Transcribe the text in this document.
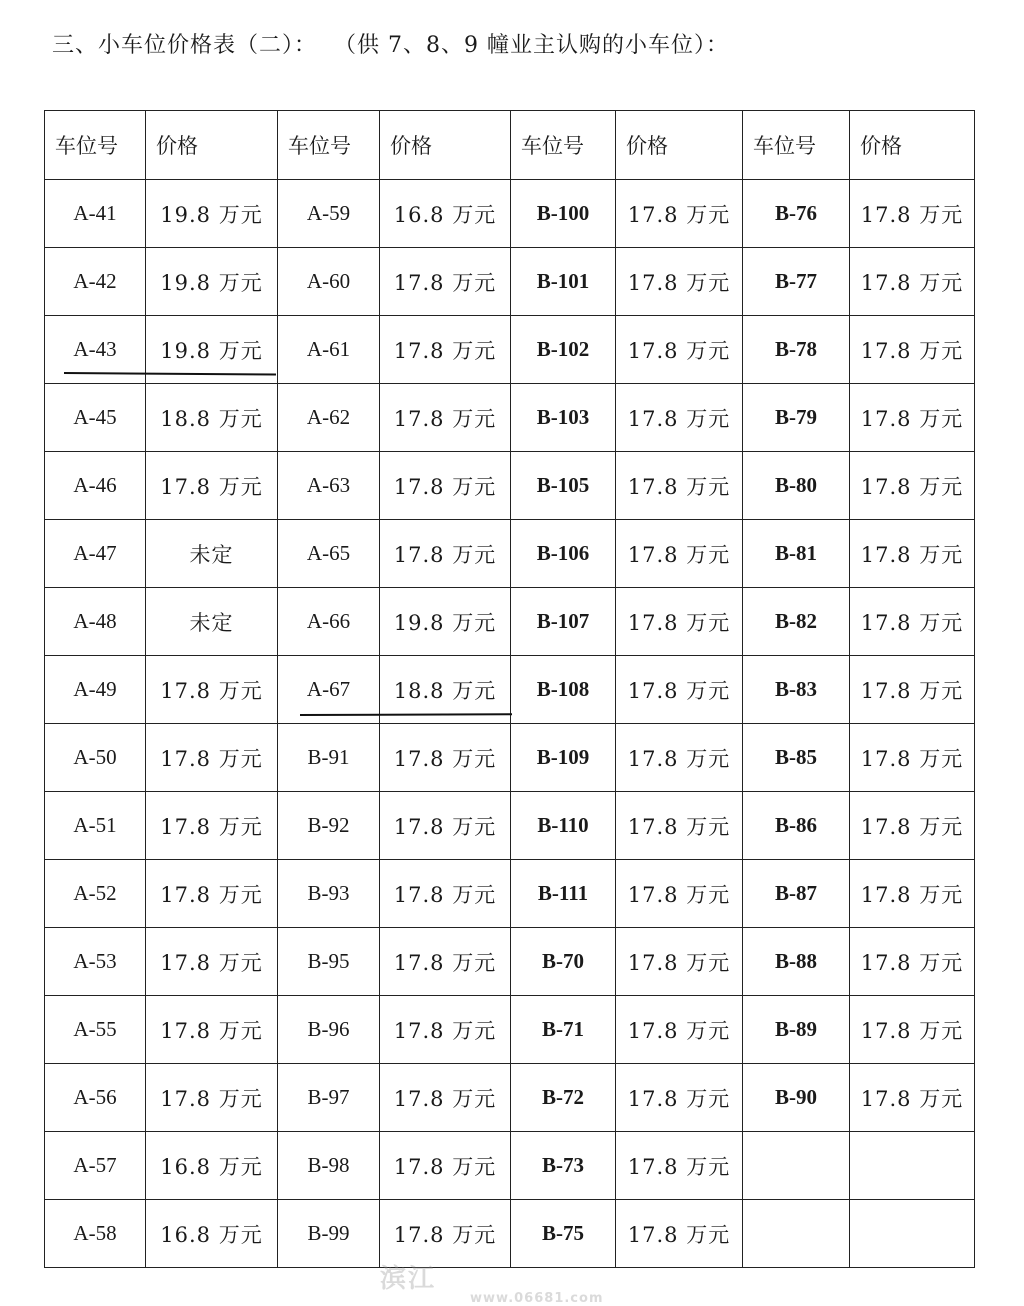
三、小车位价格表（二）： （供 7、8、9 幢业主认购的小车位）：
车位号	价格	车位号	价格	车位号	价格	车位号	价格
A-41	19.8 万元	A-59	16.8 万元	B-100	17.8 万元	B-76	17.8 万元
A-42	19.8 万元	A-60	17.8 万元	B-101	17.8 万元	B-77	17.8 万元
A-43	19.8 万元	A-61	17.8 万元	B-102	17.8 万元	B-78	17.8 万元
A-45	18.8 万元	A-62	17.8 万元	B-103	17.8 万元	B-79	17.8 万元
A-46	17.8 万元	A-63	17.8 万元	B-105	17.8 万元	B-80	17.8 万元
A-47	未定	A-65	17.8 万元	B-106	17.8 万元	B-81	17.8 万元
A-48	未定	A-66	19.8 万元	B-107	17.8 万元	B-82	17.8 万元
A-49	17.8 万元	A-67	18.8 万元	B-108	17.8 万元	B-83	17.8 万元
A-50	17.8 万元	B-91	17.8 万元	B-109	17.8 万元	B-85	17.8 万元
A-51	17.8 万元	B-92	17.8 万元	B-110	17.8 万元	B-86	17.8 万元
A-52	17.8 万元	B-93	17.8 万元	B-111	17.8 万元	B-87	17.8 万元
A-53	17.8 万元	B-95	17.8 万元	B-70	17.8 万元	B-88	17.8 万元
A-55	17.8 万元	B-96	17.8 万元	B-71	17.8 万元	B-89	17.8 万元
A-56	17.8 万元	B-97	17.8 万元	B-72	17.8 万元	B-90	17.8 万元
A-57	16.8 万元	B-98	17.8 万元	B-73	17.8 万元		
A-58	16.8 万元	B-99	17.8 万元	B-75	17.8 万元		
滨江
www.06681.com
